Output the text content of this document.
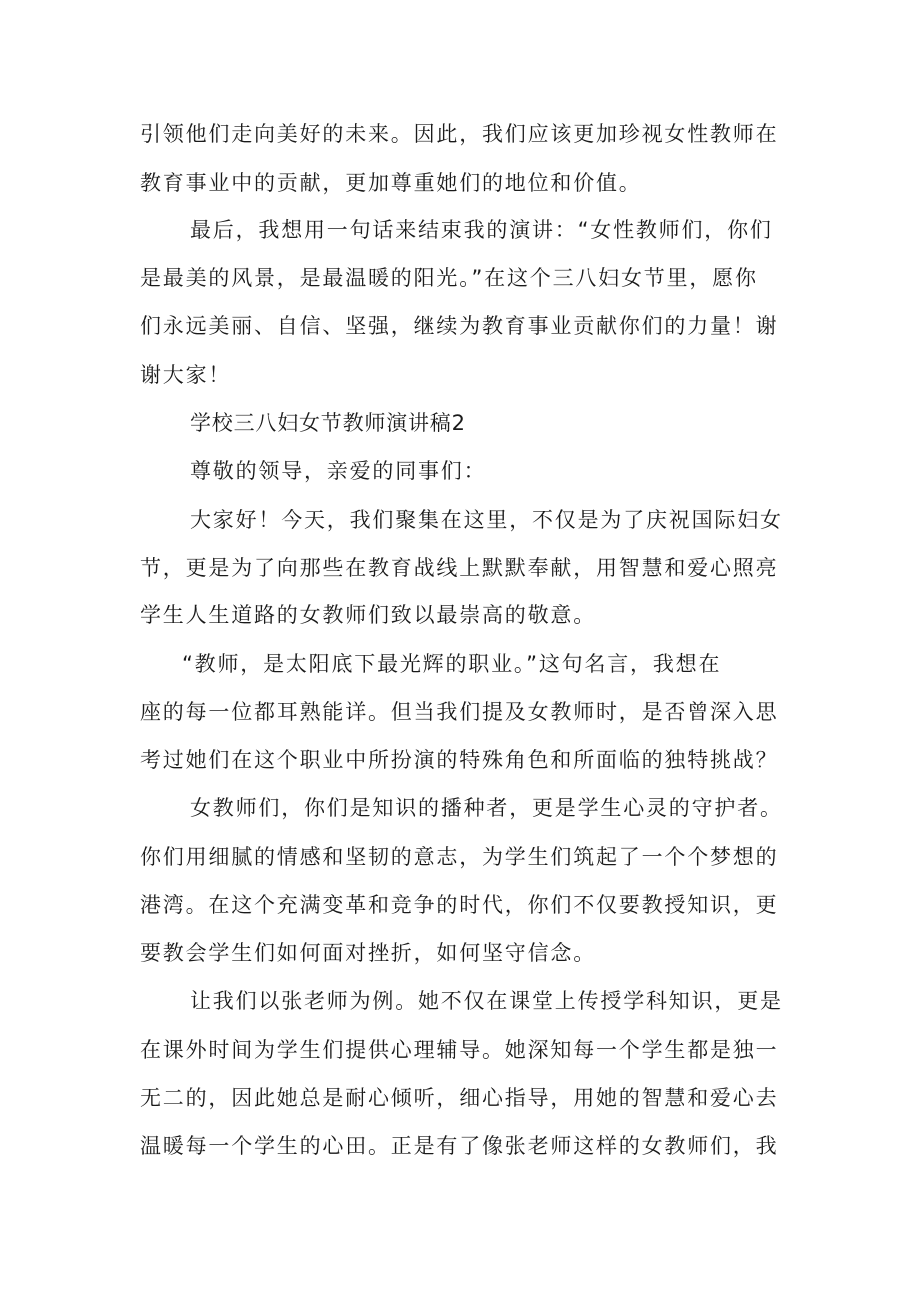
引领他们走向美好的未来。因此，我们应该更加珍视女性教师在
教育事业中的贡献，更加尊重她们的地位和价值。
最后，我想用一句话来结束我的演讲：“女性教师们，你们
是最美的风景，是最温暖的阳光。”在这个三八妇女节里，愿你
们永远美丽、自信、坚强，继续为教育事业贡献你们的力量！谢
谢大家！
学校三八妇女节教师演讲稿2
尊敬的领导，亲爱的同事们：
大家好！今天，我们聚集在这里，不仅是为了庆祝国际妇女
节，更是为了向那些在教育战线上默默奉献，用智慧和爱心照亮
学生人生道路的女教师们致以最崇高的敬意。
“教师，是太阳底下最光辉的职业。”这句名言，我想在
座的每一位都耳熟能详。但当我们提及女教师时，是否曾深入思
考过她们在这个职业中所扮演的特殊角色和所面临的独特挑战？
女教师们，你们是知识的播种者，更是学生心灵的守护者。
你们用细腻的情感和坚韧的意志，为学生们筑起了一个个梦想的
港湾。在这个充满变革和竞争的时代，你们不仅要教授知识，更
要教会学生们如何面对挫折，如何坚守信念。
让我们以张老师为例。她不仅在课堂上传授学科知识，更是
在课外时间为学生们提供心理辅导。她深知每一个学生都是独一
无二的，因此她总是耐心倾听，细心指导，用她的智慧和爱心去
温暖每一个学生的心田。正是有了像张老师这样的女教师们，我
